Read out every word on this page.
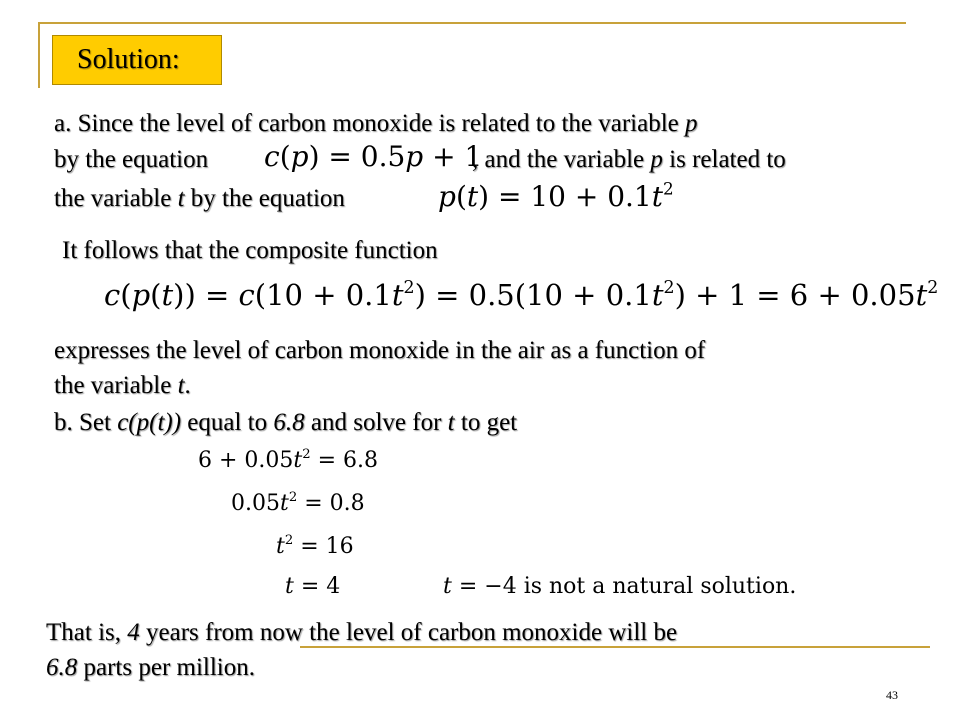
Solution:
a. Since the level of carbon monoxide is related to the variable p
by the equation c(p) = 0.5p + 1
, and the variable p is related to
the variable t by the equation	$p(t) = 10 + 0.1t^2$
It follows that the composite function
$c(p(t)) = c(10 + 0.1t^2) = 0.5(10 + 0.1t^2) + 1 = 6 + 0.05t^2$
expresses the level of carbon monoxide in the air as a function of
the variable t.
b. Set c(p(t)) equal to 6.8 and solve for t to get
$6 + 0.05t^2 = 6.8$
$0.05t^2 = 0.8$
$t^2 = 16$
t = 4	t = −4 is not a natural solution.
That is, 4 years from now the level of carbon monoxide will be
6.8 parts per million.
43
